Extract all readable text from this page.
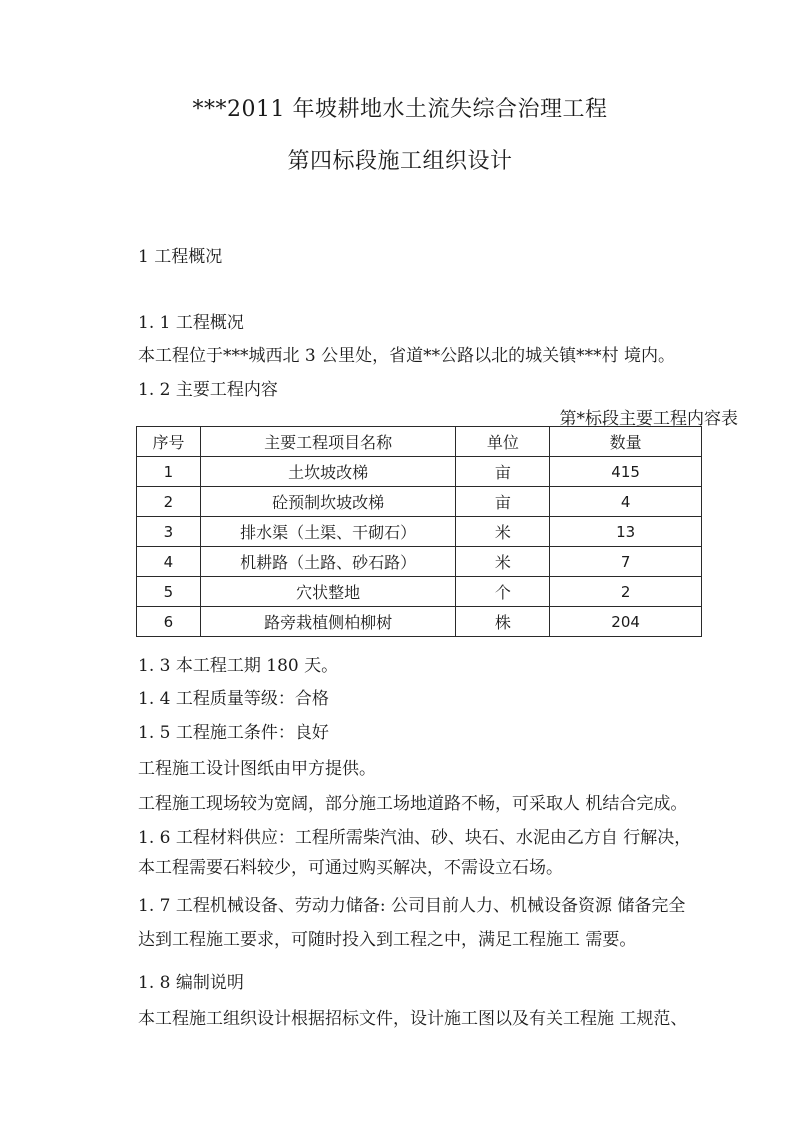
***2011 年坡耕地水土流失综合治理工程
第四标段施工组织设计
1 工程概况
1. 1 工程概况
本工程位于***城西北 3 公里处，省道**公路以北的城关镇***村 境内。
1. 2 主要工程内容
第*标段主要工程内容表
序号	主要工程项目名称	单位	数量
1	土坎坡改梯	亩	415
2	砼预制坎坡改梯	亩	4
3	排水渠（土渠、干砌石）	米	13
4	机耕路（土路、砂石路）	米	7
5	穴状整地	个	2
6	路旁栽植侧柏柳树	株	204
1. 3 本工程工期 180 天。
1. 4 工程质量等级：合格
1. 5 工程施工条件：良好
工程施工设计图纸由甲方提供。
工程施工现场较为宽阔，部分施工场地道路不畅，可采取人 机结合完成。
1. 6 工程材料供应：工程所需柴汽油、砂、块石、水泥由乙方自 行解决，
本工程需要石料较少，可通过购买解决，不需设立石场。
1. 7 工程机械设备、劳动力储备: 公司目前人力、机械设备资源 储备完全
达到工程施工要求，可随时投入到工程之中，满足工程施工 需要。
1. 8 编制说明
本工程施工组织设计根据招标文件，设计施工图以及有关工程施 工规范、
